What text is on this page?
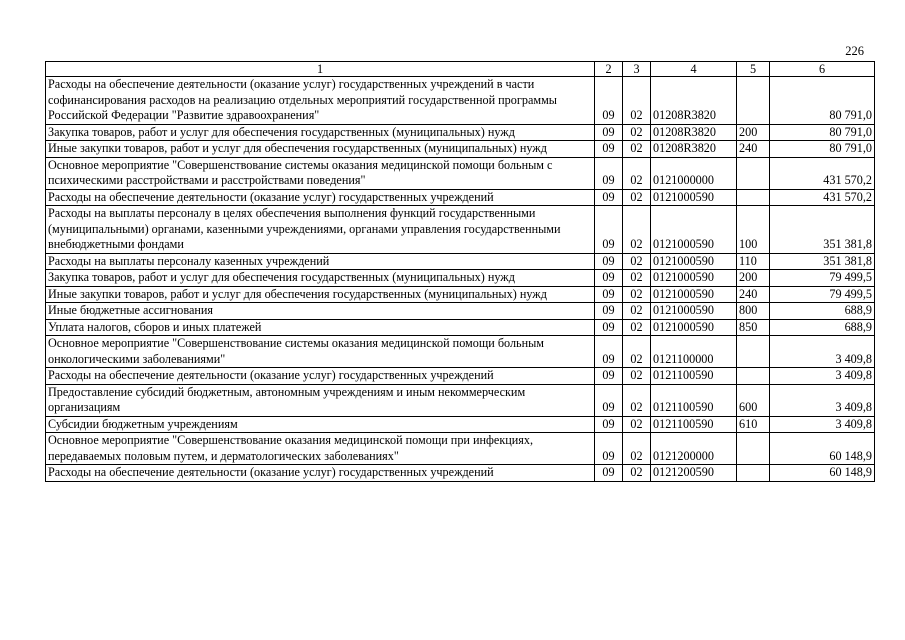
226
1	2	3	4	5	6
Расходы на обеспечение деятельности (оказание услуг) государственных учреждений в части софинансирования расходов на реализацию отдельных мероприятий государственной программы Российской Федерации "Развитие здравоохранения"	09	02	01208R3820		80 791,0
Закупка товаров, работ и услуг для обеспечения государственных (муниципальных) нужд	09	02	01208R3820	200	80 791,0
Иные закупки товаров, работ и услуг для обеспечения государственных (муниципальных) нужд	09	02	01208R3820	240	80 791,0
Основное мероприятие "Совершенствование системы оказания медицинской помощи больным с психическими расстройствами и расстройствами поведения"	09	02	0121000000		431 570,2
Расходы на обеспечение деятельности (оказание услуг) государственных учреждений	09	02	0121000590		431 570,2
Расходы на выплаты персоналу в целях обеспечения выполнения функций государственными (муниципальными) органами, казенными учреждениями, органами управления государственными внебюджетными фондами	09	02	0121000590	100	351 381,8
Расходы на выплаты персоналу казенных учреждений	09	02	0121000590	110	351 381,8
Закупка товаров, работ и услуг для обеспечения государственных (муниципальных) нужд	09	02	0121000590	200	79 499,5
Иные закупки товаров, работ и услуг для обеспечения государственных (муниципальных) нужд	09	02	0121000590	240	79 499,5
Иные бюджетные ассигнования	09	02	0121000590	800	688,9
Уплата налогов, сборов и иных платежей	09	02	0121000590	850	688,9
Основное мероприятие "Совершенствование системы оказания медицинской помощи больным онкологическими заболеваниями"	09	02	0121100000		3 409,8
Расходы на обеспечение деятельности (оказание услуг) государственных учреждений	09	02	0121100590		3 409,8
Предоставление субсидий бюджетным, автономным учреждениям и иным некоммерческим организациям	09	02	0121100590	600	3 409,8
Субсидии бюджетным учреждениям	09	02	0121100590	610	3 409,8
Основное мероприятие "Совершенствование оказания медицинской помощи при инфекциях, передаваемых половым путем, и дерматологических заболеваниях"	09	02	0121200000		60 148,9
Расходы на обеспечение деятельности (оказание услуг) государственных учреждений	09	02	0121200590		60 148,9
